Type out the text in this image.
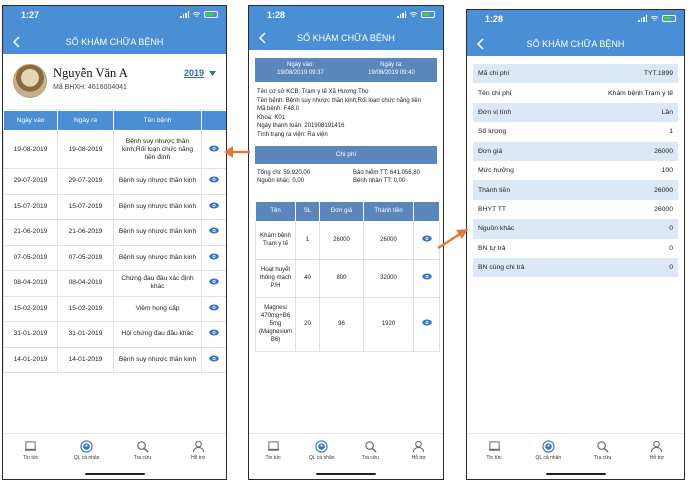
1:27
SỔ KHÁM CHỮA BỆNH
Nguyễn Văn A
Mã BHXH: 4616004041
2019
Ngày vào	Ngày ra	Tên bệnh	
19-08-2019	19-08-2019	Bệnh suy nhược thần kinh;Rối loạn chức năng tiền đình	
29-07-2019	29-07-2019	Bệnh suy nhược thần kinh	
15-07-2019	15-07-2019	Bệnh suy nhược thần kinh	
21-06-2019	21-06-2019	Bệnh suy nhược thần kinh	
07-05-2019	07-05-2019	Bệnh suy nhược thần kinh	
08-04-2019	08-04-2019	Chứng đau đầu xác định khác	
15-02-2019	15-02-2019	Viêm họng cấp	
31-01-2019	31-01-2019	Hội chứng đau đầu khác	
14-01-2019	14-01-2019	Bệnh suy nhược thần kinh	
Tin tức	QL cá nhân	Tra cứu	Hỗ trợ
1:28
SỔ KHÁM CHỮA BỆNH
Ngày vào:
19/08/2019 09:37
Ngày ra:
19/08/2019 09:40
Tên cơ sở KCB: Trạm y tế Xã Hương Thọ
Tên bệnh: Bệnh suy nhược thần kinh;Rối loạn chức năng tiền
Mã bệnh: F48.0
Khoa: K01
Ngày thanh toán: 201908191416
Tình trạng ra viện: Ra viện
Chi phí
Tổng chi: 59.920,00
Nguồn khác: 0,00
Bảo hiểm TT: 641.056,80
Bệnh nhân TT: 0,00
Tên	SL	Đơn giá	Thành tiền	
Khám bệnh Trạm y tế	1	26000	26000	
Hoạt huyết thông mạch P/H	40	800	32000	
Magnesi 470mg+B6 5mg (Magnesium B6)	20	96	1920	
Tin tức	QL cá nhân	Tra cứu	Hỗ trợ
1:28
SỔ KHÁM CHỮA BỆNH
Mã chi phí	TYT.1899
Tên chi phí	Khám bệnh Trạm y tế
Đơn vị tính	Lần
Số lượng	1
Đơn giá	26000
Mức hưởng	100
Thành tiền	26000
BHYT TT	26000
Nguồn khác	0
BN tự trả	0
BN cùng chi trả	0
Tin tức	QL cá nhân	Tra cứu	Hỗ trợ
